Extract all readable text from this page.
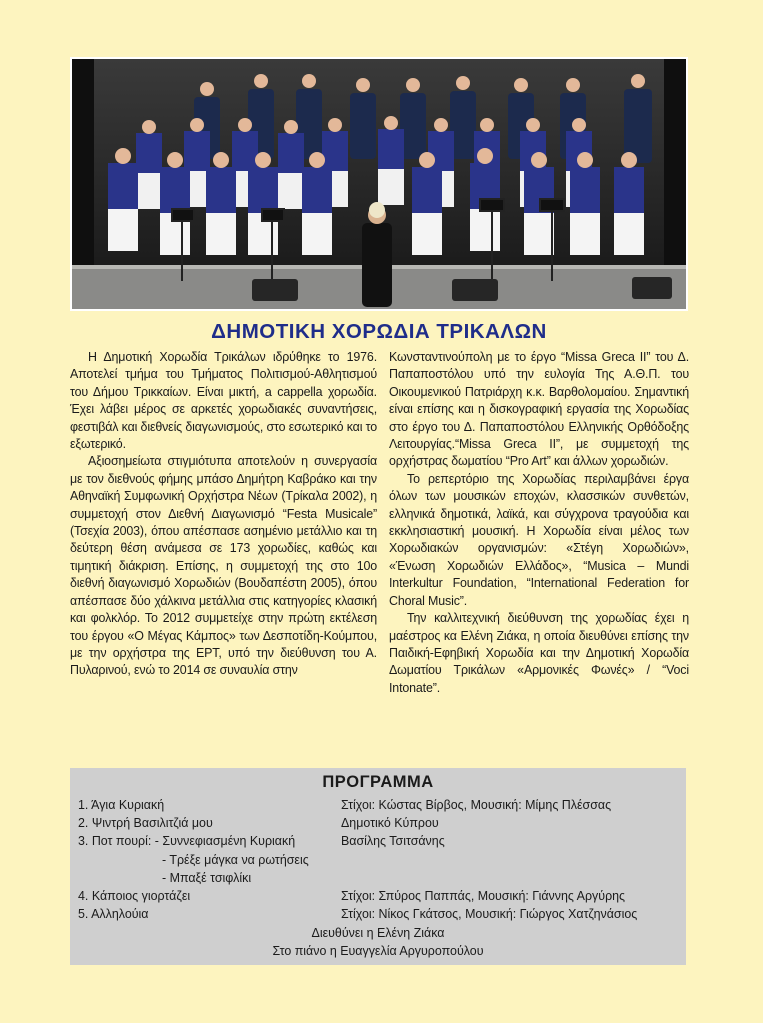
ΔΗΜΟΤΙΚΗ ΧΟΡΩΔΙΑ ΤΡΙΚΑΛΩΝ

Η Δημοτική Χορωδία Τρικάλων ιδρύθηκε το 1976. Αποτελεί τμήμα του Τμήματος Πολιτισμού-Αθλητισμού του Δήμου Τρικκαίων. Είναι μικτή, a cappella χορωδία. Έχει λάβει μέρος σε αρκετές χορωδιακές συναντήσεις, φεστιβάλ και διεθνείς διαγωνισμούς, στο εσωτερικό και το εξωτερικό.

Αξιοσημείωτα στιγμιότυπα αποτελούν η συνεργασία με τον διεθνούς φήμης μπάσο Δημήτρη Καβράκο και την Αθηναϊκή Συμφωνική Ορχήστρα Νέων (Τρίκαλα 2002), η συμμετοχή στον Διεθνή Διαγωνισμό “Festa Musicale” (Τσεχία 2003), όπου απέσπασε ασημένιο μετάλλιο και τη δεύτερη θέση ανάμεσα σε 173 χορωδίες, καθώς και τιμητική διάκριση. Επίσης, η συμμετοχή της στο 10ο διεθνή διαγωνισμό Χορωδιών (Βουδαπέστη 2005), όπου απέσπασε δύο χάλκινα μετάλλια στις κατηγορίες κλασική και φολκλόρ. Το 2012 συμμετείχε στην πρώτη εκτέλεση του έργου «Ο Μέγας Κάμπος» των Δεσποτίδη-Κούμπου, με την ορχήστρα της ΕΡΤ, υπό την διεύθυνση του Α. Πυλαρινού, ενώ το 2014 σε συναυλία στην

Κωνσταντινούπολη με το έργο “Missa Greca II” του Δ. Παπαποστόλου υπό την ευλογία Της Α.Θ.Π. του Οικουμενικού Πατριάρχη κ.κ. Βαρθολομαίου. Σημαντική είναι επίσης και η δισκογραφική εργασία της Χορωδίας στο έργο του Δ. Παπαποστόλου Ελληνικής Ορθόδοξης Λειτουργίας.“Missa Greca II”, με συμμετοχή της ορχήστρας δωματίου “Pro Art” και άλλων χορωδιών.

Το ρεπερτόριο της Χορωδίας περιλαμβάνει έργα όλων των μουσικών εποχών, κλασσικών συνθετών, ελληνικά δημοτικά, λαϊκά, και σύγχρονα τραγούδια και εκκλησιαστική μουσική. Η Χορωδία είναι μέλος των Χορωδιακών οργανισμών: «Στέγη Χορωδιών», «Ένωση Χορωδιών Ελλάδος», “Musica – Mundi Interkultur Foundation, “International Federation for Choral Music”.

Την καλλιτεχνική διεύθυνση της χορωδίας έχει η μαέστρος κα Ελένη Ζιάκα, η οποία διευθύνει επίσης την Παιδική-Εφηβική Χορωδία και την Δημοτική Χορωδία Δωματίου Τρικάλων «Αρμονικές Φωνές» / “Voci Intonate”.

ΠΡΟΓΡΑΜΜΑ
1. Άγια Κυριακή	Στίχοι: Κώστας Βίρβος, Μουσική: Μίμης Πλέσσας
2. Ψιντρή Βασιλιτζιά μου	Δημοτικό Κύπρου
3. Ποτ πουρί: - Συννεφιασμένη Κυριακή	Βασίλης Τσιτσάνης
- Τρέξε μάγκα να ρωτήσεις
- Μπαξέ τσιφλίκι
4. Κάποιος γιορτάζει	Στίχοι: Σπύρος Παππάς, Μουσική: Γιάννης Αργύρης
5. Αλληλούια	Στίχοι: Νίκος Γκάτσος, Μουσική: Γιώργος Χατζηνάσιος
Διευθύνει η Ελένη Ζιάκα
Στο πιάνο η Ευαγγελία Αργυροπούλου
